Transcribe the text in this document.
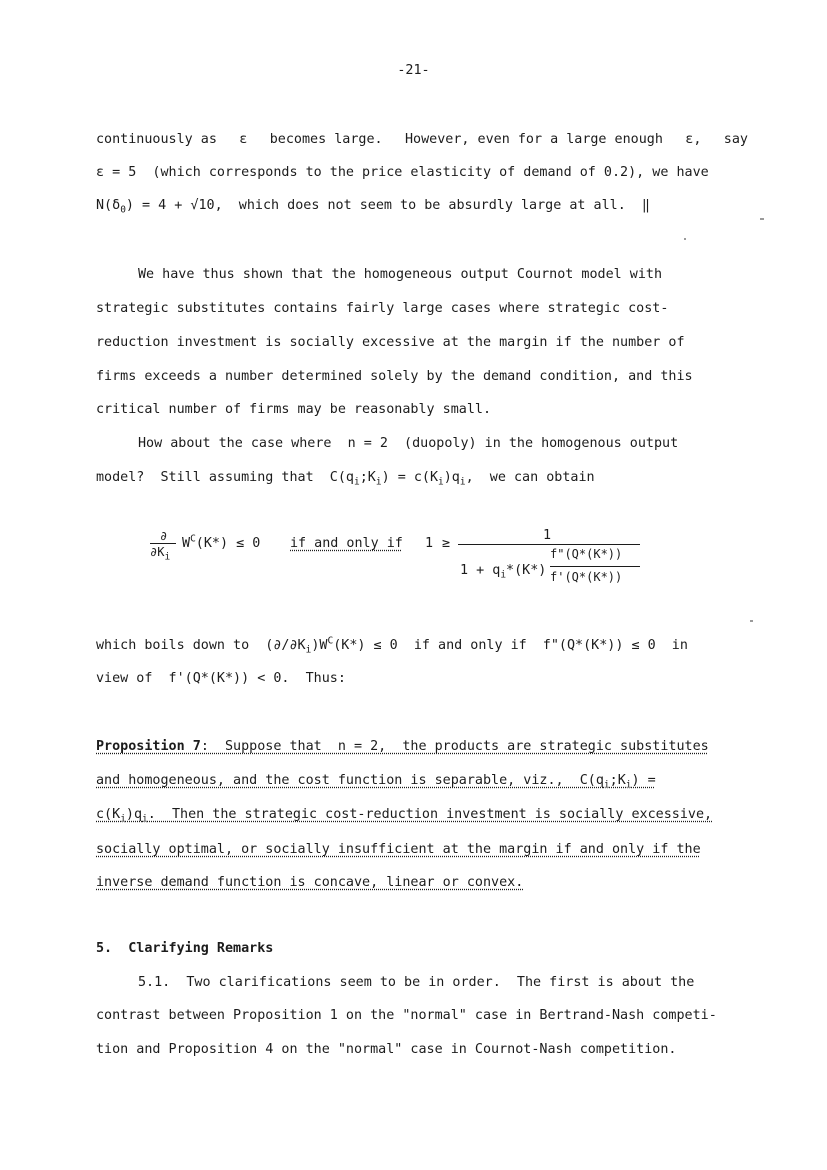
-21-
continuously as ε becomes large. However, even for a large enough ε, say
ε = 5  (which corresponds to the price elasticity of demand of 0.2), we have
$N(\delta_0) = 4 + √10$,  which does not seem to be absurdly large at all.  ‖
We have thus shown that the homogeneous output Cournot model with
strategic substitutes contains fairly large cases where strategic cost-
reduction investment is socially excessive at the margin if the number of
firms exceeds a number determined solely by the demand condition, and this
critical number of firms may be reasonably small.
How about the case where  n = 2  (duopoly) in the homogenous output
model?  Still assuming that  $C(q_i;K_i) = c(K_i)q_i$,  we can obtain
∂
$\partial K_i$
$W^C(K*) \le 0$ if and only if 1 ≥
1
f"(Q*(K*))
$1 + q_i*(K*)$ f'(Q*(K*))
which boils down to  $(\partial/\partial K_i)W^C(K*) \le 0$  if and only if  f"(Q*(K*)) ≤ 0  in
view of  f'(Q*(K*)) < 0.  Thus:
Proposition 7:  Suppose that  n = 2,  the products are strategic substitutes
and homogeneous, and the cost function is separable, viz.,  $C(q_i;K_i)$ =
$c(K_i)q_i$.  Then the strategic cost-reduction investment is socially excessive,
socially optimal, or socially insufficient at the margin if and only if the
inverse demand function is concave, linear or convex.
5.  Clarifying Remarks
5.1.  Two clarifications seem to be in order.  The first is about the
contrast between Proposition 1 on the "normal" case in Bertrand-Nash competi-
tion and Proposition 4 on the "normal" case in Cournot-Nash competition.
